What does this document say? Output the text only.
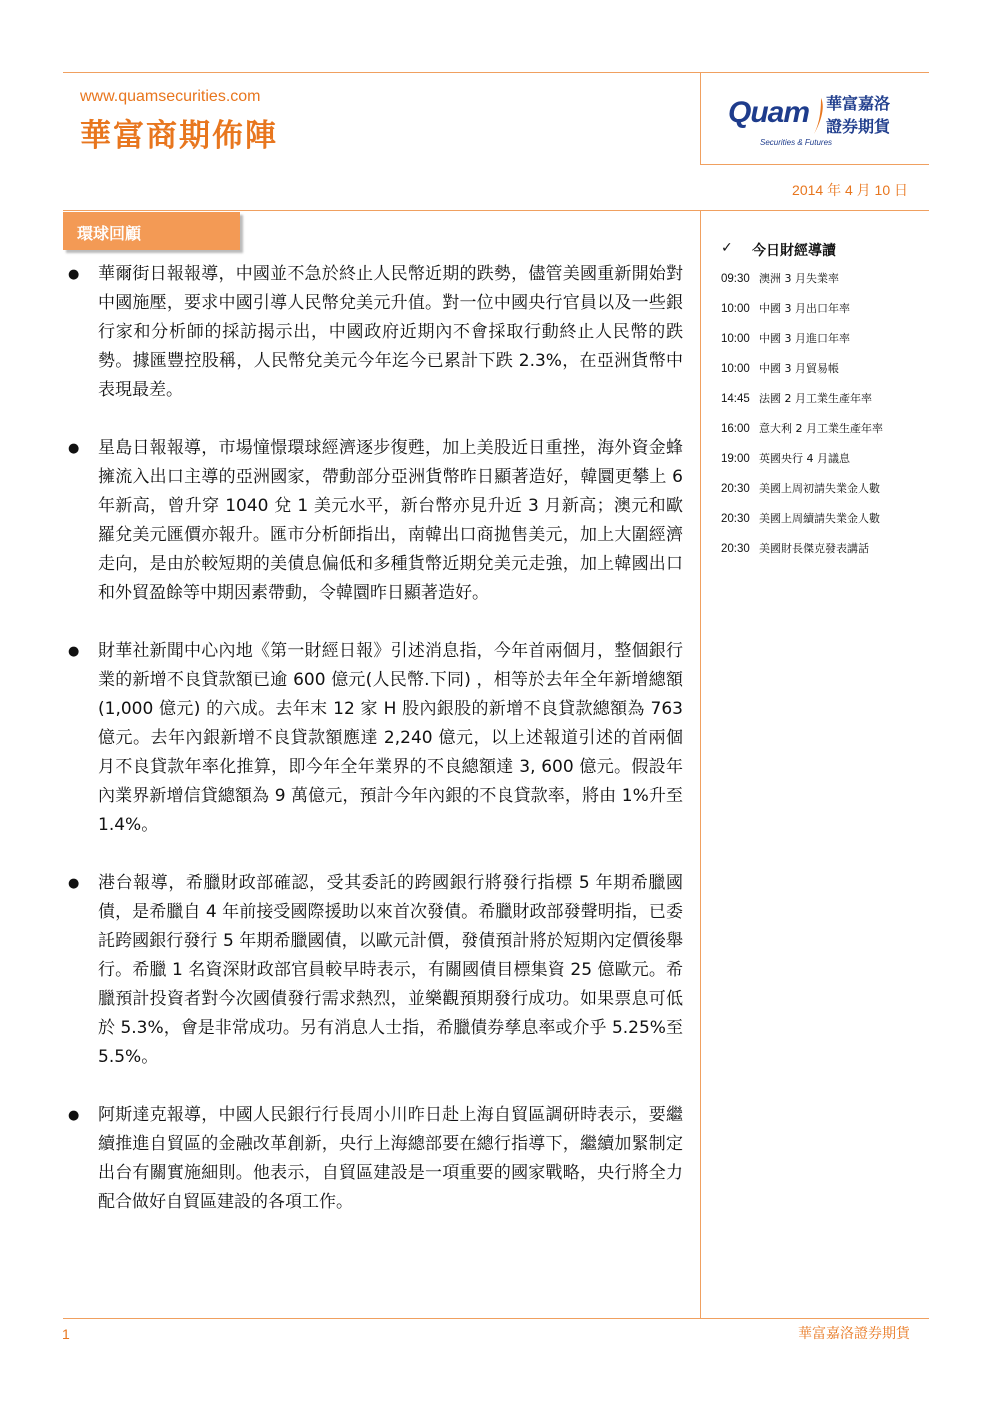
www.quamsecurities.com
華富商期佈陣
Quam 華富嘉洛證券期貨
Securities & Futures
2014 年 4 月 10 日
環球回顧
● 華爾街日報報導，中國並不急於終止人民幣近期的跌勢，儘管美國重新開始對中國施壓，要求中國引導人民幣兌美元升值。對一位中國央行官員以及一些銀行家和分析師的採訪揭示出，中國政府近期內不會採取行動終止人民幣的跌勢。據匯豐控股稱，人民幣兌美元今年迄今已累計下跌 2.3%，在亞洲貨幣中表現最差。
● 星島日報報導，市場憧憬環球經濟逐步復甦，加上美股近日重挫，海外資金蜂擁流入出口主導的亞洲國家，帶動部分亞洲貨幣昨日顯著造好，韓圜更攀上 6 年新高，曾升穿 1040 兌 1 美元水平，新台幣亦見升近 3 月新高；澳元和歐羅兌美元匯價亦報升。匯市分析師指出，南韓出口商拋售美元，加上大圍經濟走向，是由於較短期的美債息偏低和多種貨幣近期兌美元走強，加上韓國出口和外貿盈餘等中期因素帶動，令韓圜昨日顯著造好。
● 財華社新聞中心內地《第一財經日報》引述消息指，今年首兩個月，整個銀行業的新增不良貸款額已逾 600 億元(人民幣.下同) ，相等於去年全年新增總額 (1,000 億元) 的六成。去年末 12 家 H 股內銀股的新增不良貸款總額為 763 億元。去年內銀新增不良貸款額應達 2,240 億元，以上述報道引述的首兩個月不良貸款年率化推算，即今年全年業界的不良總額達 3, 600 億元。假設年內業界新增信貸總額為 9 萬億元，預計今年內銀的不良貸款率，將由 1%升至 1.4%。
● 港台報導，希臘財政部確認，受其委託的跨國銀行將發行指標 5 年期希臘國債，是希臘自 4 年前接受國際援助以來首次發債。希臘財政部發聲明指，已委託跨國銀行發行 5 年期希臘國債，以歐元計價，發債預計將於短期內定價後舉行。希臘 1 名資深財政部官員較早時表示，有關國債目標集資 25 億歐元。希臘預計投資者對今次國債發行需求熱烈，並樂觀預期發行成功。如果票息可低於 5.3%，會是非常成功。另有消息人士指，希臘債券孳息率或介乎 5.25%至 5.5%。
● 阿斯達克報導，中國人民銀行行長周小川昨日赴上海自貿區調研時表示，要繼續推進自貿區的金融改革創新，央行上海總部要在總行指導下，繼續加緊制定出台有關實施細則。他表示，自貿區建設是一項重要的國家戰略，央行將全力配合做好自貿區建設的各項工作。
✓ 今日財經導讀
09:30 澳洲 3 月失業率
10:00 中國 3 月出口年率
10:00 中國 3 月進口年率
10:00 中國 3 月貿易帳
14:45 法國 2 月工業生產年率
16:00 意大利 2 月工業生產年率
19:00 英國央行 4 月議息
20:30 美國上周初請失業金人數
20:30 美國上周續請失業金人數
20:30 美國財長傑克發表講話
1	華富嘉洛證券期貨
